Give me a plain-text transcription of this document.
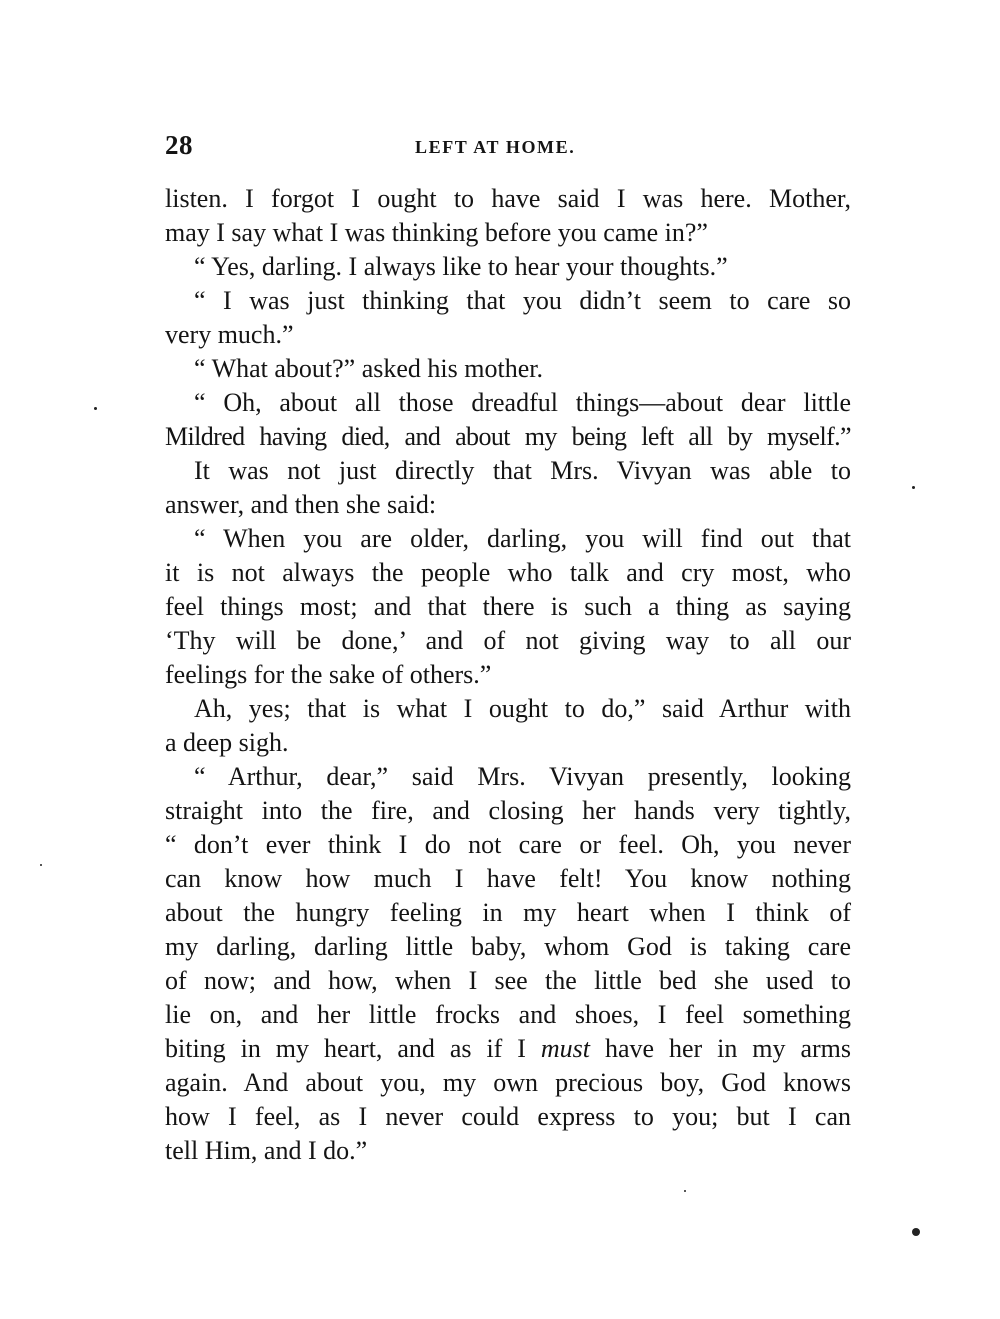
28	LEFT AT HOME.
listen. I forgot I ought to have said I was here. Mother,
may I say what I was thinking before you came in?”
“ Yes, darling. I always like to hear your thoughts.”
“ I was just thinking that you didn’t seem to care so
very much.”
“ What about?” asked his mother.
“ Oh, about all those dreadful things—about dear little
Mildred having died, and about my being left all by myself.”
It was not just directly that Mrs. Vivyan was able to
answer, and then she said:
“ When you are older, darling, you will find out that
it is not always the people who talk and cry most, who
feel things most; and that there is such a thing as saying
‘Thy will be done,’ and of not giving way to all our
feelings for the sake of others.”
Ah, yes; that is what I ought to do,” said Arthur with
a deep sigh.
“ Arthur, dear,” said Mrs. Vivyan presently, looking
straight into the fire, and closing her hands very tightly,
“ don’t ever think I do not care or feel. Oh, you never
can know how much I have felt! You know nothing
about the hungry feeling in my heart when I think of
my darling, darling little baby, whom God is taking care
of now; and how, when I see the little bed she used to
lie on, and her little frocks and shoes, I feel something
biting in my heart, and as if I must have her in my arms
again. And about you, my own precious boy, God knows
how I feel, as I never could express to you; but I can
tell Him, and I do.”
